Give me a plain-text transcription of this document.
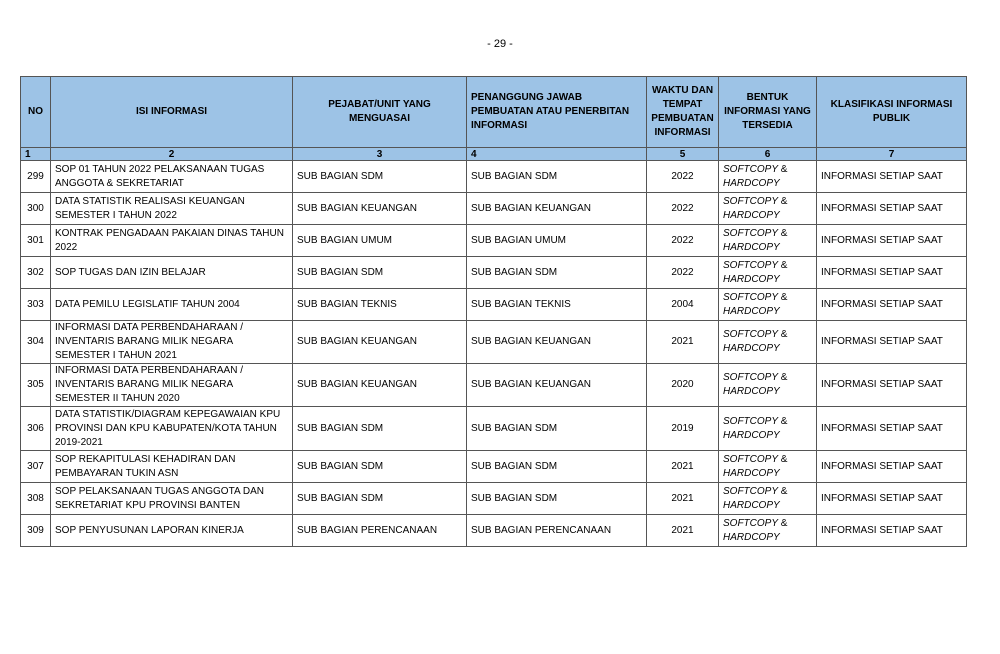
- 29 -
NO	ISI INFORMASI	PEJABAT/UNIT YANG MENGUASAI	PENANGGUNG JAWAB PEMBUATAN ATAU PENERBITAN INFORMASI	WAKTU DAN TEMPAT PEMBUATAN INFORMASI	BENTUK INFORMASI YANG TERSEDIA	KLASIFIKASI INFORMASI PUBLIK
1	2	3	4	5	6	7
299	SOP 01 TAHUN 2022 PELAKSANAAN TUGAS ANGGOTA & SEKRETARIAT	SUB BAGIAN SDM	SUB BAGIAN SDM	2022	SOFTCOPY &
HARDCOPY	INFORMASI SETIAP SAAT
300	DATA STATISTIK REALISASI KEUANGAN SEMESTER I TAHUN 2022	SUB BAGIAN KEUANGAN	SUB BAGIAN KEUANGAN	2022	SOFTCOPY &
HARDCOPY	INFORMASI SETIAP SAAT
301	KONTRAK PENGADAAN PAKAIAN DINAS TAHUN 2022	SUB BAGIAN UMUM	SUB BAGIAN UMUM	2022	SOFTCOPY &
HARDCOPY	INFORMASI SETIAP SAAT
302	SOP TUGAS DAN IZIN BELAJAR	SUB BAGIAN SDM	SUB BAGIAN SDM	2022	SOFTCOPY &
HARDCOPY	INFORMASI SETIAP SAAT
303	DATA PEMILU LEGISLATIF TAHUN 2004	SUB BAGIAN TEKNIS	SUB BAGIAN TEKNIS	2004	SOFTCOPY &
HARDCOPY	INFORMASI SETIAP SAAT
304	INFORMASI DATA PERBENDAHARAAN / INVENTARIS BARANG MILIK NEGARA SEMESTER I TAHUN 2021	SUB BAGIAN KEUANGAN	SUB BAGIAN KEUANGAN	2021	SOFTCOPY &
HARDCOPY	INFORMASI SETIAP SAAT
305	INFORMASI DATA PERBENDAHARAAN / INVENTARIS BARANG MILIK NEGARA SEMESTER II TAHUN 2020	SUB BAGIAN KEUANGAN	SUB BAGIAN KEUANGAN	2020	SOFTCOPY &
HARDCOPY	INFORMASI SETIAP SAAT
306	DATA STATISTIK/DIAGRAM KEPEGAWAIAN KPU PROVINSI DAN KPU KABUPATEN/KOTA TAHUN 2019-2021	SUB BAGIAN SDM	SUB BAGIAN SDM	2019	SOFTCOPY &
HARDCOPY	INFORMASI SETIAP SAAT
307	SOP REKAPITULASI KEHADIRAN DAN PEMBAYARAN TUKIN ASN	SUB BAGIAN SDM	SUB BAGIAN SDM	2021	SOFTCOPY &
HARDCOPY	INFORMASI SETIAP SAAT
308	SOP PELAKSANAAN TUGAS ANGGOTA DAN SEKRETARIAT KPU PROVINSI BANTEN	SUB BAGIAN SDM	SUB BAGIAN SDM	2021	SOFTCOPY &
HARDCOPY	INFORMASI SETIAP SAAT
309	SOP PENYUSUNAN LAPORAN KINERJA	SUB BAGIAN PERENCANAAN	SUB BAGIAN PERENCANAAN	2021	SOFTCOPY &
HARDCOPY	INFORMASI SETIAP SAAT
